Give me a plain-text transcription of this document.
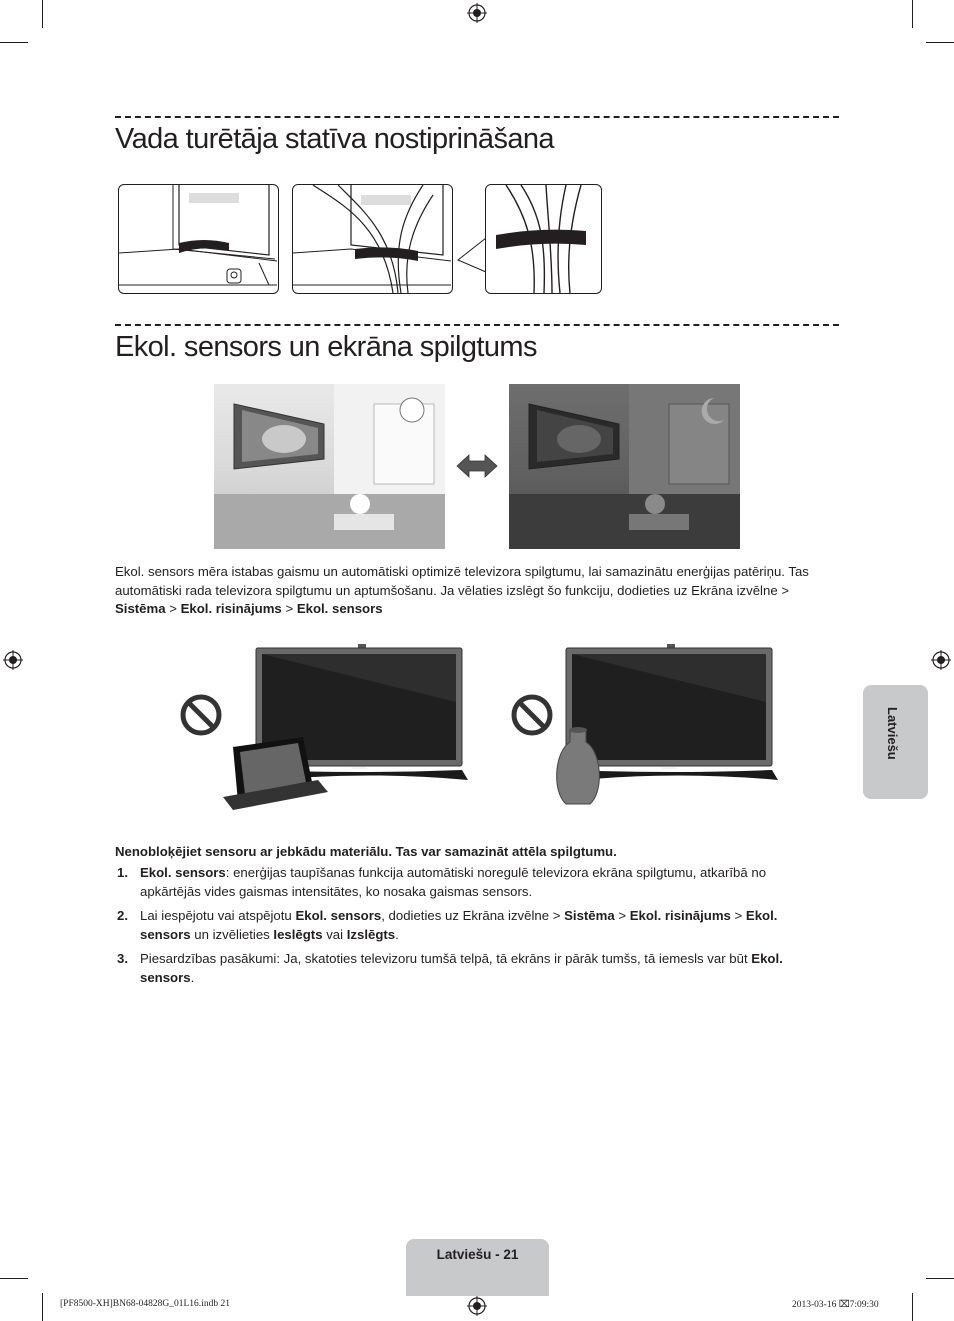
Vada turētāja statīva nostiprināšana
Ekol. sensors un ekrāna spilgtums
Ekol. sensors mēra istabas gaismu un automātiski optimizē televizora spilgtumu, lai samazinātu enerģijas patēriņu. Tas automātiski rada televizora spilgtumu un aptumšošanu. Ja vēlaties izslēgt šo funkciju, dodieties uz Ekrāna izvēlne > Sistēma > Ekol. risinājums > Ekol. sensors
SAMSUNG	SAMSUNG
Nenobloķējiet sensoru ar jebkādu materiālu. Tas var samazināt attēla spilgtumu.
1. Ekol. sensors: enerģijas taupīšanas funkcija automātiski noregulē televizora ekrāna spilgtumu, atkarībā no apkārtējās vides gaismas intensitātes, ko nosaka gaismas sensors.
2. Lai iespējotu vai atspējotu Ekol. sensors, dodieties uz Ekrāna izvēlne > Sistēma > Ekol. risinājums > Ekol. sensors un izvēlieties Ieslēgts vai Izslēgts.
3. Piesardzības pasākumi: Ja, skatoties televizoru tumšā telpā, tā ekrāns ir pārāk tumšs, tā iemesls var būt Ekol. sensors.
Latviešu
Latviešu - 21
[PF8500-XH]BN68-04828G_01L16.indb 21	2013-03-16 ⌧7:09:30
